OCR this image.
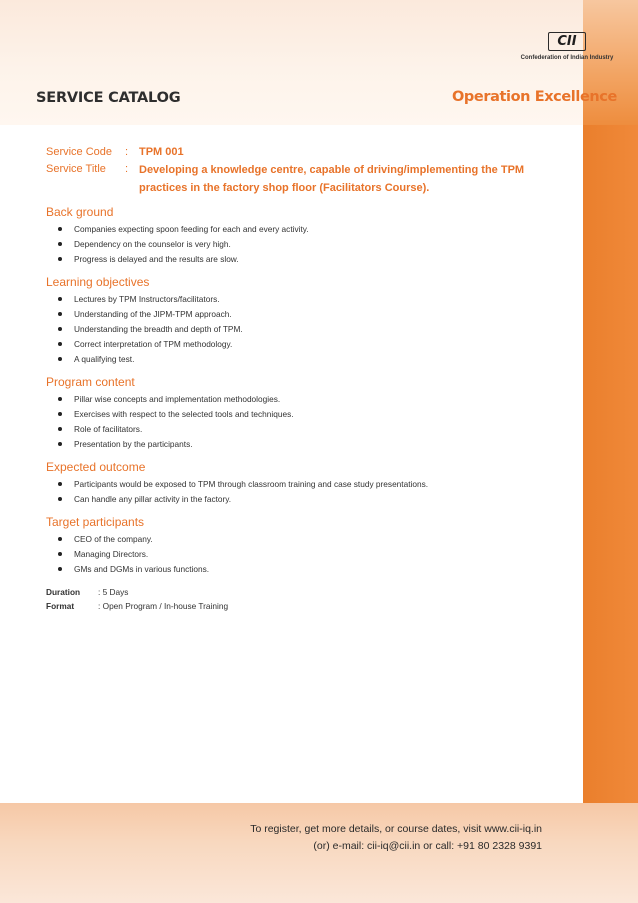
CII
Confederation of Indian Industry
SERVICE CATALOG	Operation Excellence
Service Code	: TPM 001
Service Title	: Developing a knowledge centre, capable of driving/implementing the TPM practices in the factory shop floor (Facilitators Course).
Back ground
Companies expecting spoon feeding for each and every activity.
Dependency on the counselor is very high.
Progress is delayed and the results are slow.
Learning objectives
Lectures by TPM Instructors/facilitators.
Understanding of the JIPM-TPM approach.
Understanding the breadth and depth of TPM.
Correct interpretation of TPM methodology.
A qualifying test.
Program content
Pillar wise concepts and implementation methodologies.
Exercises with respect to the selected tools and techniques.
Role of facilitators.
Presentation by the participants.
Expected outcome
Participants would be exposed to TPM through classroom training and case study presentations.
Can handle any pillar activity in the factory.
Target participants
CEO of the company.
Managing Directors.
GMs and DGMs in various functions.
Duration	: 5 Days
Format	: Open Program / In-house Training
To register, get more details, or course dates, visit www.cii-iq.in
(or) e-mail: cii-iq@cii.in or call: +91 80 2328 9391
